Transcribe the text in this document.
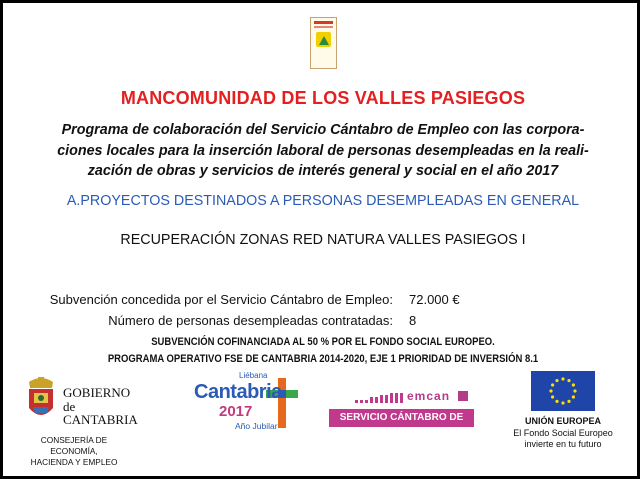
MANCOMUNIDAD DE LOS VALLES PASIEGOS
Programa de colaboración del Servicio Cántabro de Empleo con las corpora-
ciones locales para la inserción laboral de personas desempleadas en la reali-
zación de obras y servicios de interés general y social en el año 2017
A.PROYECTOS DESTINADOS A PERSONAS DESEMPLEADAS EN GENERAL
RECUPERACIÓN ZONAS RED NATURA VALLES PASIEGOS I
Subvención concedida por el Servicio Cántabro de Empleo: 72.000 €
Número de personas desempleadas contratadas: 8
SUBVENCIÓN COFINANCIADA AL 50 % POR EL FONDO SOCIAL EUROPEO.
PROGRAMA OPERATIVO FSE DE CANTABRIA 2014-2020, EJE 1 PRIORIDAD DE INVERSIÓN 8.1
GOBIERNO
de
CANTABRIA
CONSEJERÍA DE ECONOMÍA,
HACIENDA Y EMPLEO
Liébana
Cantabria
2017
Año Jubilar
emcan
SERVICIO CÁNTABRO DE EMPLEO
UNIÓN EUROPEA
El Fondo Social Europeo
invierte en tu futuro
